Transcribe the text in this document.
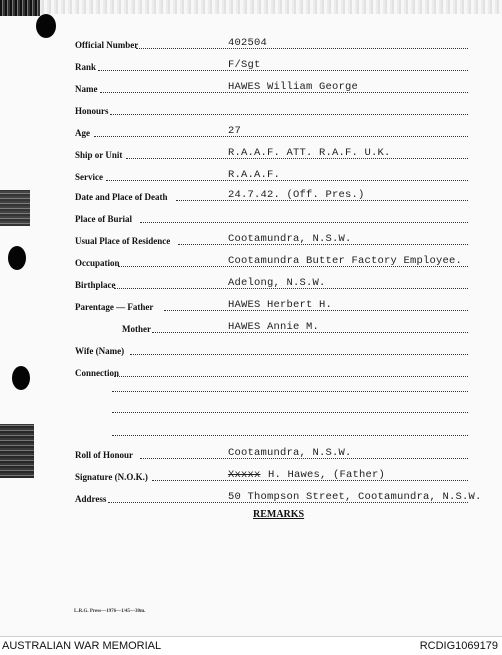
Official Number	402504
Rank	F/Sgt
Name	HAWES William George
Honours
Age	27
Ship or Unit	R.A.A.F. ATT. R.A.F. U.K.
Service	R.A.A.F.
Date and Place of Death	24.7.42. (Off. Pres.)
Place of Burial
Usual Place of Residence	Cootamundra, N.S.W.
Occupation	Cootamundra Butter Factory Employee.
Birthplace	Adelong, N.S.W.
Parentage — Father	HAWES Herbert H.
Mother	HAWES Annie M.
Wife (Name)
Connection
Roll of Honour	Cootamundra, N.S.W.
Signature (N.O.K.)	Xxxxx H. Hawes, (Father)
Address	50 Thompson Street, Cootamundra, N.S.W.
REMARKS
L.R.G. Press—1976—1/45—30m.
AUSTRALIAN WAR MEMORIAL	RCDIG1069179
